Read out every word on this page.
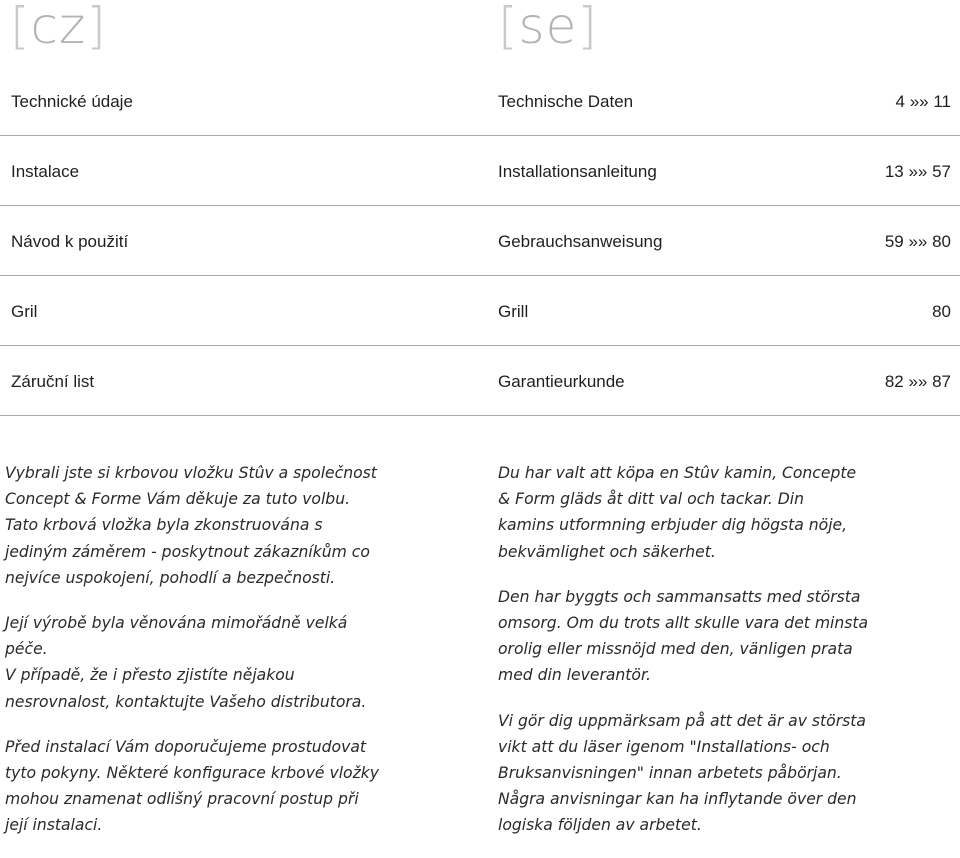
[cz]	[se]
Technické údaje	Technische Daten	4 »» 11
Instalace	Installationsanleitung	13 »» 57
Návod k použití	Gebrauchsanweisung	59 »» 80
Gril	Grill	80
Záruční list	Garantieurkunde	82 »» 87

Vybrali jste si krbovou vložku Stûv a společnost
Concept & Forme Vám děkuje za tuto volbu.
Tato krbová vložka byla zkonstruována s
jediným záměrem - poskytnout zákazníkům co
nejvíce uspokojení, pohodlí a bezpečnosti.

Její výrobě byla věnována mimořádně velká
péče.
V případě, že i přesto zjistíte nějakou
nesrovnalost, kontaktujte Vašeho distributora.

Před instalací Vám doporučujeme prostudovat
tyto pokyny. Některé konfigurace krbové vložky
mohou znamenat odlišný pracovní postup při
její instalaci.

Du har valt att köpa en Stûv kamin, Concepte
& Form gläds åt ditt val och tackar. Din
kamins utformning erbjuder dig högsta nöje,
bekvämlighet och säkerhet.

Den har byggts och sammansatts med största
omsorg. Om du trots allt skulle vara det minsta
orolig eller missnöjd med den, vänligen prata
med din leverantör.

Vi gör dig uppmärksam på att det är av största
vikt att du läser igenom "Installations- och
Bruksanvisningen" innan arbetets påbörjan.
Några anvisningar kan ha inflytande över den
logiska följden av arbetet.
